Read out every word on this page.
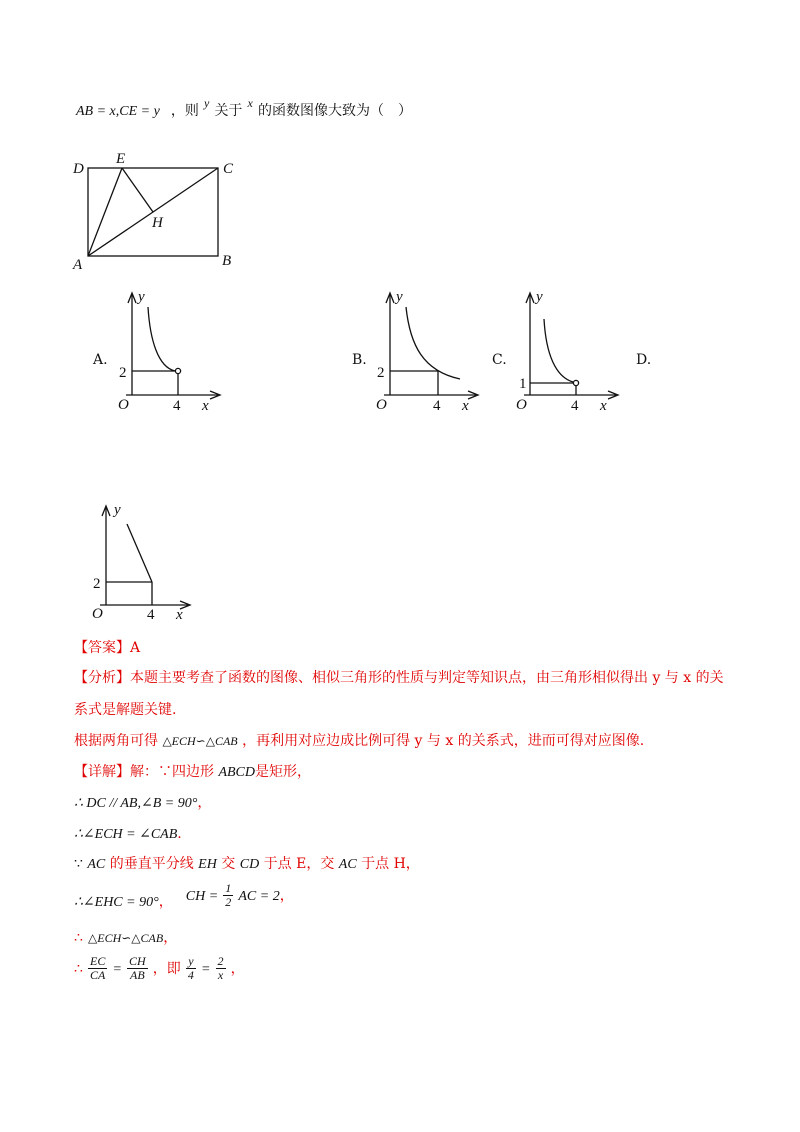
AB = x,CE = y ，则 $^y$ 关于 $^x$ 的函数图像大致为（　）
D
E
C
H
A	B
A.	B.	C.	D.
y
2
O	4 x
y
2
O	4 x
y
1
O	4 x
y
2
O	4 x
【答案】A
【分析】本题主要考查了函数的图像、相似三角形的性质与判定等知识点，由三角形相似得出 y 与 x 的关
系式是解题关键.
根据两角可得 △ECH∽△CAB ，再利用对应边成比例可得 y 与 x 的关系式，进而可得对应图像.
【详解】解：∵四边形 ABCD是矩形，
∴ DC // AB,∠B = 90°，
∴∠ECH = ∠CAB.
∵ AC 的垂直平分线 EH 交 CD 于点 E，交 AC 于点 H，
∴∠EHC = 90°， CH = $\frac{1}{2}$ AC = 2，
∴ △ECH∽△CAB，
∴ $\frac{EC}{CA} = \frac{CH}{AB}$ ，即 $\frac{y}{4} = \frac{2}{x}$ ，
